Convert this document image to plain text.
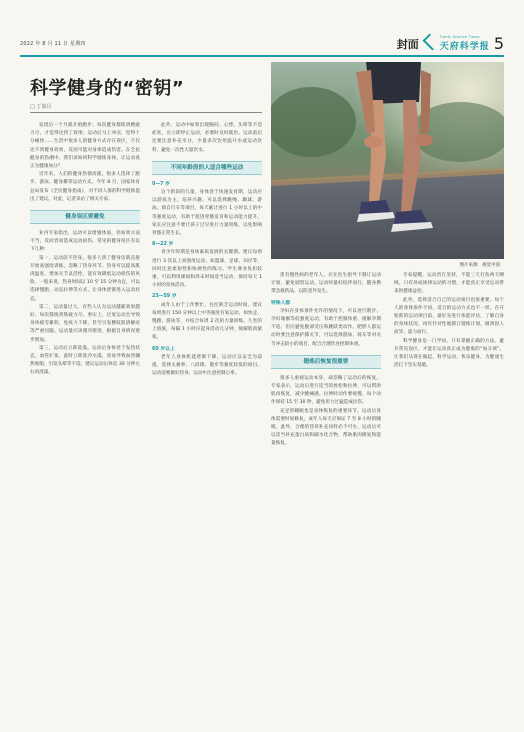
2022 年 8 月 11 日 星期四	封面
Tianfu Science Times
天府科学报 5
科学健身的“密钥”
□ 丁盈月
图片来源：视觉中国

发烧后一个月就开始跑步；每次健身都练到精疲力尽，才觉得达到了效果；运动后马上冲凉，觉得十分痛快……生活中很多人的健身方式存在误区，不仅达不到健身效果，反而可能对身体造成伤害。在全民健身的热潮中，我们该如何科学锻炼身体，让运动真正为健康加分？

近年来，人们的健身热情高涨，很多人选择了跑步、游泳、健身操等运动方式。今年 8 月，国家体育总局发布《全民健身指南》，对不同人群的科学锻炼提出了建议。对此，记者采访了相关专家。

健身误区要避免

业内专家指出，运动可以增强体质，但如果方法不当，反而容易造成运动损伤。常见的健身误区有以下几种：

第一，运动前不热身。很多人到了健身房就直接开始高强度训练，忽略了热身环节。热身可以提高肌肉温度、增加关节灵活性，能有效降低运动损伤的风险。一般来说，热身时间以 10 至 15 分钟为宜，可以选择慢跑、动态拉伸等方式，让身体逐渐进入运动状态。

第二，运动量过大。有些人认为运动越累效果越好，每次都练到筋疲力尽。事实上，过度运动会导致身体疲劳累积，免疫力下降，甚至引发横纹肌溶解症等严重问题。运动量应该循序渐进，根据自身情况逐步增加。

第三，运动后立即洗澡。运动后身体处于发热状态，血管扩张，此时立即洗冷水澡，容易导致血管骤然收缩，引发头晕等不适。建议运动后休息 30 分钟左右再洗澡。

此外，运动中如果出现胸闷、心悸、头晕等不适症状，应立即停止运动，必要时及时就医。运动前后还要注意补充水分，少量多次饮用温开水或运动饮料，避免一次性大量饮水。

不同年龄段的人适合哪些运动

0—7 岁

这个阶段的儿童，身体处于快速发育期，运动应以游戏为主，培养兴趣。可以选择跳绳、踢球、游泳、骑自行车等项目，每天累计进行 1 小时以上的中等强度运动，有助于促进骨骼发育和运动能力提升。家长应注意不要让孩子过早进行力量训练，以免影响骨骼正常生长。

8—22 岁

青少年时期是身体素质发展的关键期。建议每周进行 3 次以上高强度运动，如篮球、足球、田径等，同时注意柔韧性和协调性的练习。学生课业负担较重，可以利用课间和周末时间适当运动，保持每天 1 小时的身体活动。

23—59 岁

成年人由于工作繁忙，往往缺乏运动时间。建议每周进行 150 分钟以上中等强度有氧运动，如快走、慢跑、游泳等，并结合每周 2 次的力量训练。久坐的上班族，每隔 1 小时应起身活动几分钟，缓解肌肉紧张。

60 岁以上

老年人身体机能逐渐下降，运动应以安全为前提，选择太极拳、八段锦、散步等强度较低的项目。运动前要做好热身，运动中注意控制心率。

患有慢性病的老年人，应在医生指导下制订运动计划，避免剧烈运动。运动时最好结伴而行，随身携带急救药品，以防意外发生。

特殊人群

孕妇在身体条件允许的情况下，可以进行散步、孕妇瑜伽等低强度运动，有助于控制体重、缓解孕期不适。但应避免腹部受压和跳跃类动作。肥胖人群运动时要注意保护膝关节，可以选择游泳、骑车等对关节冲击较小的项目，配合合理饮食控制体重。

锻炼后恢复很重要

很多人重视运动本身，却忽略了运动后的恢复。专家表示，运动后进行适当的放松和拉伸，可以帮助肌肉恢复，减少酸痛感。拉伸时动作要缓慢，每个动作保持 15 至 30 秒，避免用力过猛造成拉伤。

充足的睡眠也是身体恢复的重要环节。运动后身体需要时间修复，成年人每天应保证 7 至 8 小时的睡眠。此外，合理的营养补充同样必不可少，运动后可以适当补充蛋白质和碳水化合物，帮助肌肉修复和能量恢复。

专家提醒，运动贵在坚持，不能三天打鱼两天晒网。只有养成规律运动的习惯，才能真正享受运动带来的健康益处。

此外，选择适合自己的运动项目也很重要。每个人的身体条件不同，适合的运动方式也不一样。在开始新的运动项目前，最好先进行体能评估，了解自身的身体状况，再有针对性地制订锻炼计划，做到因人而异、量力而行。

科学健身是一门学问。只有掌握正确的方法，避开常见误区，才能让运动真正成为健康的“加分项”。让我们从现在做起，科学运动，快乐健身，为健康生活打下坚实基础。
